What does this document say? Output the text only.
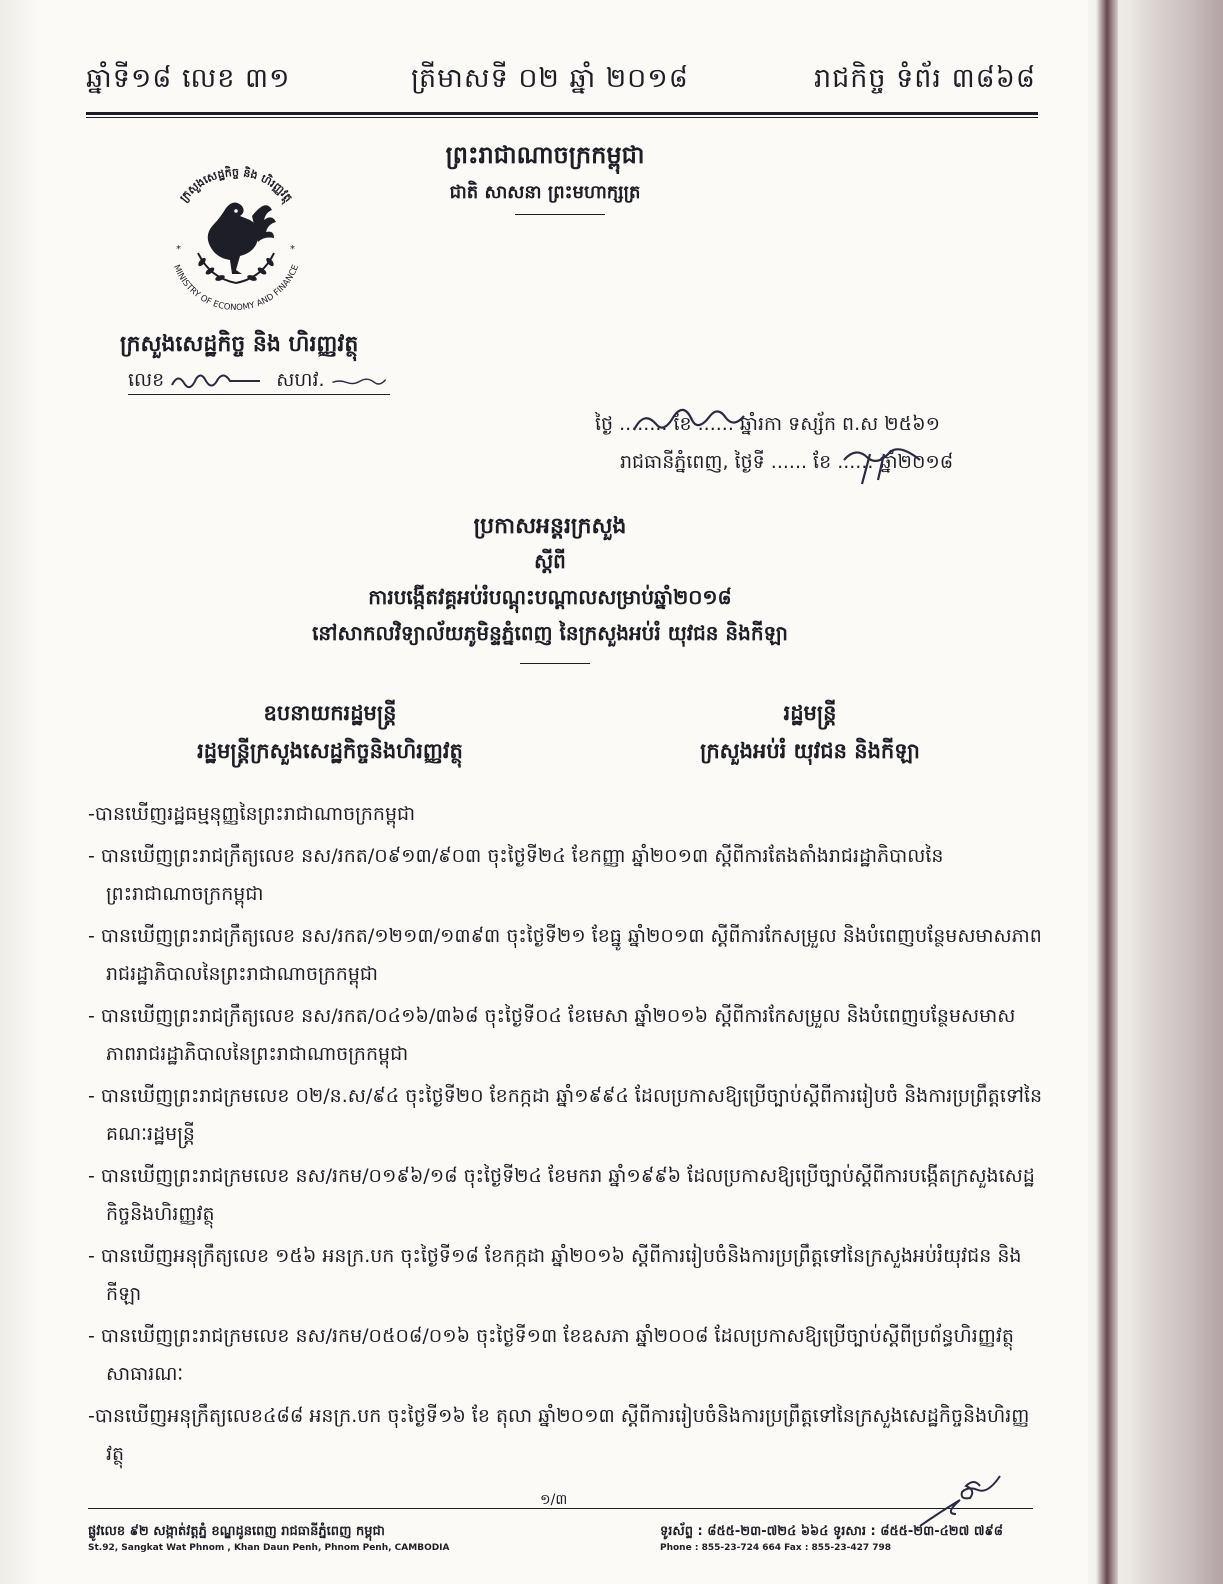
ឆ្នាំទី១៨ លេខ ៣១	ត្រីមាសទី ០២ ឆ្នាំ ២០១៨	រាជកិច្ច ទំព័រ ៣៨៦៨
ព្រះរាជាណាចក្រកម្ពុជា
ជាតិ សាសនា ព្រះមហាក្សត្រ
ក្រសួងសេដ្ឋកិច្ច និង ហិរញ្ញវត្ថុ
MINISTRY OF ECONOMY AND FINANCE
*	*
ក្រសួងសេដ្ឋកិច្ច និង ហិរញ្ញវត្ថុ
លេខ	សហវ.
ថ្ងៃ ........ ខែ ...... ឆ្នាំរកា ទស្ស័ក ព.ស ២៥៦១
រាជធានីភ្នំពេញ, ថ្ងៃទី ...... ខែ ...... ឆ្នាំ២០១៨
ប្រកាសអន្តរក្រសួង
ស្តីពី
ការបង្កើតវគ្គអប់រំបណ្តុះបណ្តាលសម្រាប់ឆ្នាំ២០១៨
នៅសាកលវិទ្យាល័យភូមិន្ទភ្នំពេញ នៃក្រសួងអប់រំ យុវជន និងកីឡា
ឧបនាយករដ្ឋមន្ត្រី
រដ្ឋមន្ត្រីក្រសួងសេដ្ឋកិច្ចនិងហិរញ្ញវត្ថុ
រដ្ឋមន្ត្រី
ក្រសួងអប់រំ យុវជន និងកីឡា
-បានឃើញរដ្ឋធម្មនុញ្ញនៃព្រះរាជាណាចក្រកម្ពុជា
- បានឃើញព្រះរាជក្រឹត្យលេខ នស/រកត/០៩១៣/៩០៣ ចុះថ្ងៃទី២៤ ខែកញ្ញា ឆ្នាំ២០១៣ ស្តីពីការតែងតាំងរាជរដ្ឋាភិបាលនៃព្រះរាជាណាចក្រកម្ពុជា
- បានឃើញព្រះរាជក្រឹត្យលេខ នស/រកត/១២១៣/១៣៩៣ ចុះថ្ងៃទី២១ ខែធ្នូ ឆ្នាំ២០១៣ ស្តីពីការកែសម្រួល និងបំពេញបន្ថែមសមាសភាពរាជរដ្ឋាភិបាលនៃព្រះរាជាណាចក្រកម្ពុជា
- បានឃើញព្រះរាជក្រឹត្យលេខ នស/រកត/០៤១៦/៣៦៨ ចុះថ្ងៃទី០៤ ខែមេសា ឆ្នាំ២០១៦ ស្តីពីការកែសម្រួល និងបំពេញបន្ថែមសមាសភាពរាជរដ្ឋាភិបាលនៃព្រះរាជាណាចក្រកម្ពុជា
- បានឃើញព្រះរាជក្រមលេខ ០២/ន.ស/៩៤ ចុះថ្ងៃទី២០ ខែកក្កដា ឆ្នាំ១៩៩៤ ដែលប្រកាសឱ្យប្រើច្បាប់ស្តីពីការរៀបចំ និងការប្រព្រឹត្តទៅនៃគណៈរដ្ឋមន្ត្រី
- បានឃើញព្រះរាជក្រមលេខ នស/រកម/០១៩៦/១៨ ចុះថ្ងៃទី២៤ ខែមករា ឆ្នាំ១៩៩៦ ដែលប្រកាសឱ្យប្រើច្បាប់ស្តីពីការបង្កើតក្រសួងសេដ្ឋកិច្ចនិងហិរញ្ញវត្ថុ
- បានឃើញអនុក្រឹត្យលេខ ១៥៦ អនក្រ.បក ចុះថ្ងៃទី១៨ ខែកក្កដា ឆ្នាំ២០១៦ ស្តីពីការរៀបចំនិងការប្រព្រឹត្តទៅនៃក្រសួងអប់រំយុវជន និងកីឡា
- បានឃើញព្រះរាជក្រមលេខ នស/រកម/០៥០៨/០១៦ ចុះថ្ងៃទី១៣ ខែឧសភា ឆ្នាំ២០០៨ ដែលប្រកាសឱ្យប្រើច្បាប់ស្តីពីប្រព័ន្ធហិរញ្ញវត្ថុសាធារណៈ
-បានឃើញអនុក្រឹត្យលេខ៤៨៨ អនក្រ.បក ចុះថ្ងៃទី១៦ ខែ តុលា ឆ្នាំ២០១៣ ស្តីពីការរៀបចំនិងការប្រព្រឹត្តទៅនៃក្រសួងសេដ្ឋកិច្ចនិងហិរញ្ញវត្ថុ
១/៣
ផ្លូវលេខ ៩២ សង្កាត់វត្តភ្នំ ខណ្ឌដូនពេញ រាជធានីភ្នំពេញ កម្ពុជា
St.92, Sangkat Wat Phnom , Khan Daun Penh, Phnom Penh, CAMBODIA
ទូរស័ព្ទ : ៨៥៥-២៣-៧២៤ ៦៦៤ ទូរសារ : ៨៥៥-២៣-៤២៧ ៧៩៨
Phone : 855-23-724 664 Fax : 855-23-427 798
